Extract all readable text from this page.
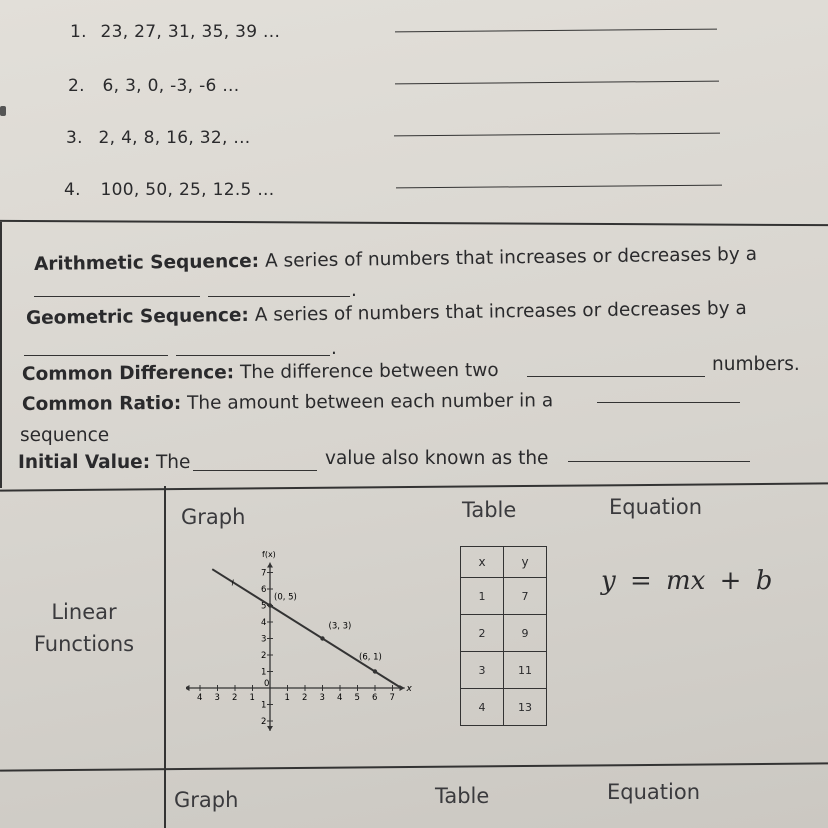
1. 23, 27, 31, 35, 39 ...
2. 6, 3, 0, -3, -6 ...
3. 2, 4, 8, 16, 32, ...
4. 100, 50, 25, 12.5 ...
Arithmetic Sequence: A series of numbers that increases or decreases by a
.
Geometric Sequence: A series of numbers that increases or decreases by a
.
Common Difference: The difference between two	numbers.
Common Ratio: The amount between each number in a
sequence
Initial Value: The	value also known as the
Graph	Table	Equation
Linear
Functions
f(x)
x
4 3 2 1
0
1 2 3 4 5 6 7
7
6
5
4
3
2
1
1
2
l
(0, 5)
(3, 3)
(6, 1)
x	y
1	7
2	9
3	11
4	13
y = mx + b
Graph	Table	Equation
